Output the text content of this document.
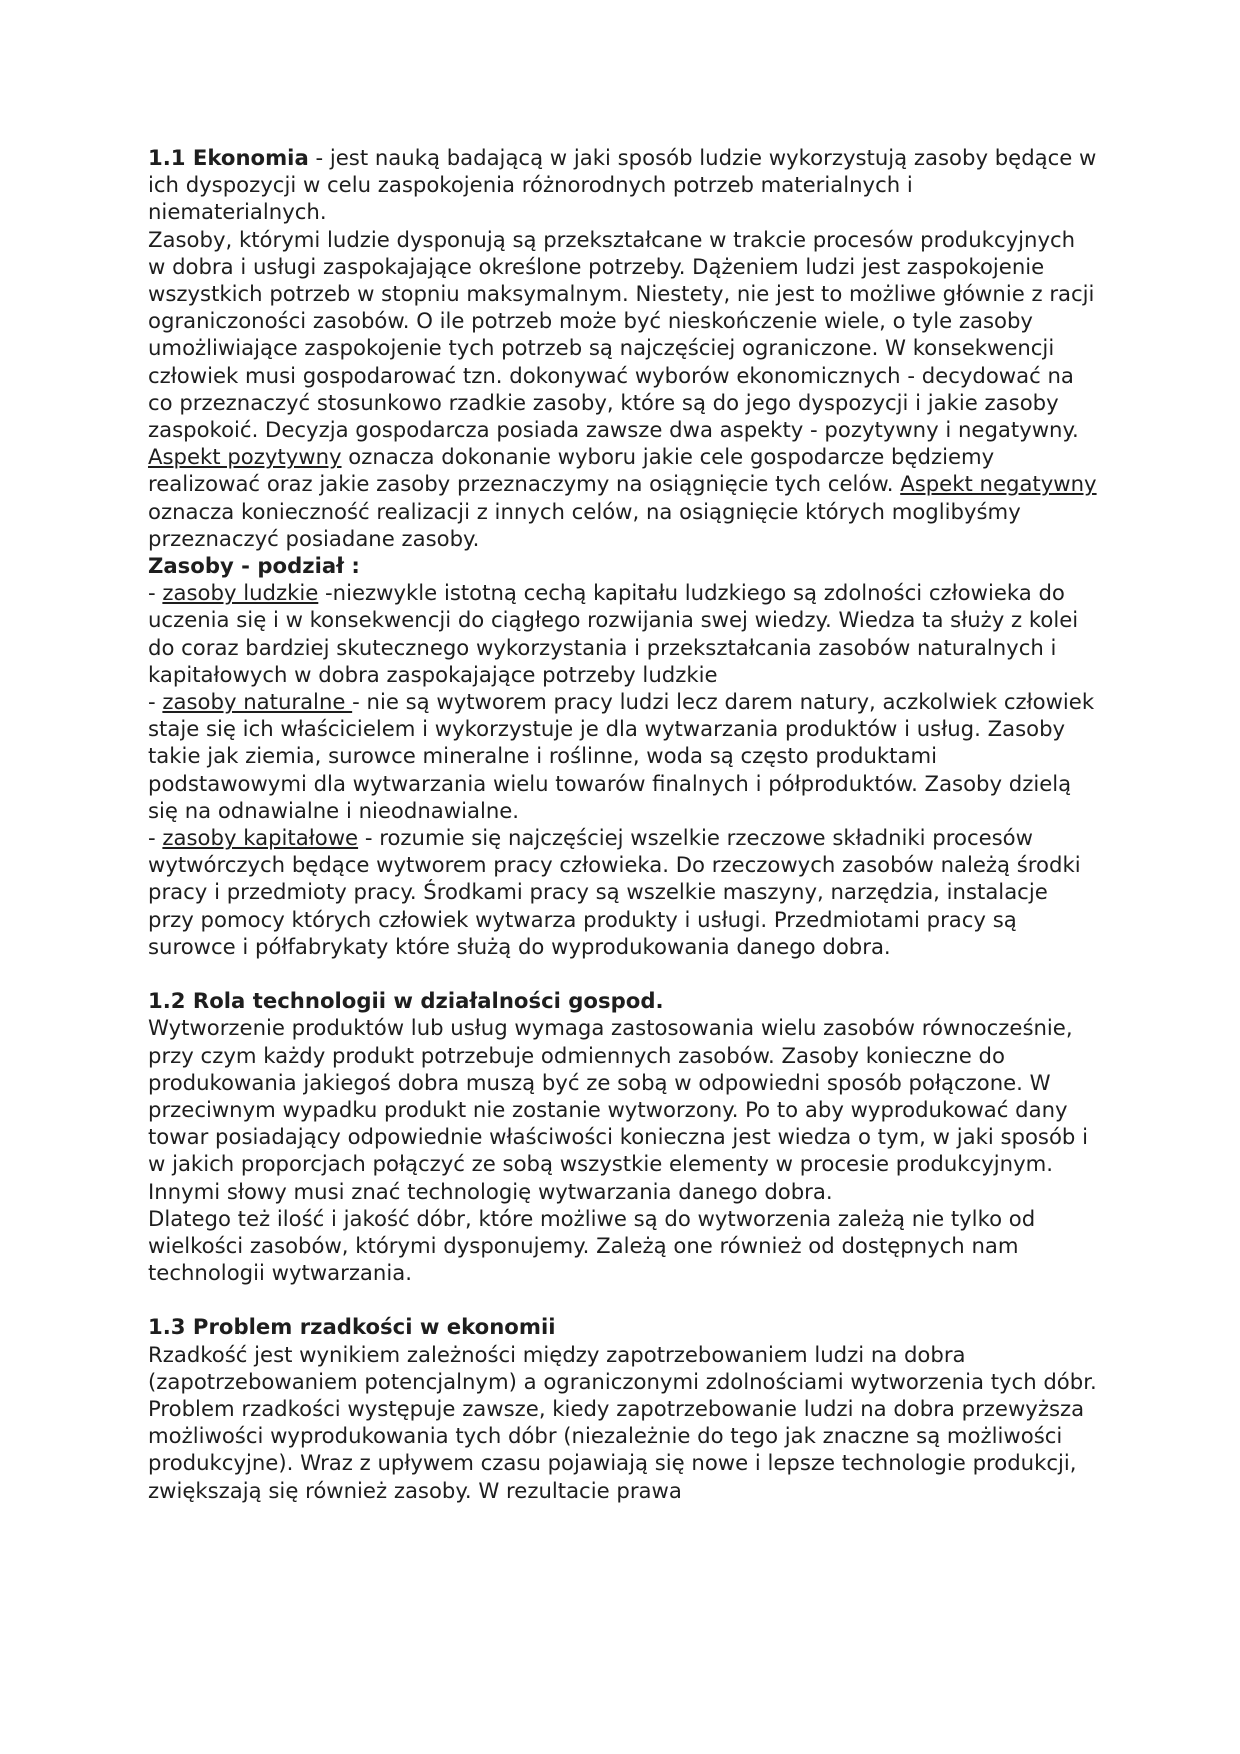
1.1 Ekonomia - jest nauką badającą w jaki sposób ludzie wykorzystują zasoby będące w ich dyspozycji w celu zaspokojenia różnorodnych potrzeb materialnych i niematerialnych.

Zasoby, którymi ludzie dysponują są przekształcane w trakcie procesów produkcyjnych w dobra i usługi zaspokajające określone potrzeby. Dążeniem ludzi jest zaspokojenie wszystkich potrzeb w stopniu maksymalnym. Niestety, nie jest to możliwe głównie z racji ograniczoności zasobów. O ile potrzeb może być nieskończenie wiele, o tyle zasoby umożliwiające zaspokojenie tych potrzeb są najczęściej ograniczone. W konsekwencji człowiek musi gospodarować tzn. dokonywać wyborów ekonomicznych - decydować na co przeznaczyć stosunkowo rzadkie zasoby, które są do jego dyspozycji i jakie zasoby zaspokoić. Decyzja gospodarcza posiada zawsze dwa aspekty - pozytywny i negatywny. Aspekt pozytywny oznacza dokonanie wyboru jakie cele gospodarcze będziemy realizować oraz jakie zasoby przeznaczymy na osiągnięcie tych celów. Aspekt negatywny oznacza konieczność realizacji z innych celów, na osiągnięcie których moglibyśmy przeznaczyć posiadane zasoby.

Zasoby - podział :

- zasoby ludzkie -niezwykle istotną cechą kapitału ludzkiego są zdolności człowieka do uczenia się i w konsekwencji do ciągłego rozwijania swej wiedzy. Wiedza ta służy z kolei do coraz bardziej skutecznego wykorzystania i przekształcania zasobów naturalnych i kapitałowych w dobra zaspokajające potrzeby ludzkie

- zasoby naturalne - nie są wytworem pracy ludzi lecz darem natury, aczkolwiek człowiek staje się ich właścicielem i wykorzystuje je dla wytwarzania produktów i usług. Zasoby takie jak ziemia, surowce mineralne i roślinne, woda są często produktami podstawowymi dla wytwarzania wielu towarów finalnych i półproduktów. Zasoby dzielą się na odnawialne i nieodnawialne.

- zasoby kapitałowe - rozumie się najczęściej wszelkie rzeczowe składniki procesów wytwórczych będące wytworem pracy człowieka. Do rzeczowych zasobów należą środki pracy i przedmioty pracy. Środkami pracy są wszelkie maszyny, narzędzia, instalacje przy pomocy których człowiek wytwarza produkty i usługi. Przedmiotami pracy są surowce i półfabrykaty które służą do wyprodukowania danego dobra.

1.2 Rola technologii w działalności gospod.

Wytworzenie produktów lub usług wymaga zastosowania wielu zasobów równocześnie, przy czym każdy produkt potrzebuje odmiennych zasobów. Zasoby konieczne do produkowania jakiegoś dobra muszą być ze sobą w odpowiedni sposób połączone. W przeciwnym wypadku produkt nie zostanie wytworzony. Po to aby wyprodukować dany towar posiadający odpowiednie właściwości konieczna jest wiedza o tym, w jaki sposób i w jakich proporcjach połączyć ze sobą wszystkie elementy w procesie produkcyjnym. Innymi słowy musi znać technologię wytwarzania danego dobra.

Dlatego też ilość i jakość dóbr, które możliwe są do wytworzenia zależą nie tylko od wielkości zasobów, którymi dysponujemy. Zależą one również od dostępnych nam technologii wytwarzania.

1.3 Problem rzadkości w ekonomii

Rzadkość jest wynikiem zależności między zapotrzebowaniem ludzi na dobra (zapotrzebowaniem potencjalnym) a ograniczonymi zdolnościami wytworzenia tych dóbr. Problem rzadkości występuje zawsze, kiedy zapotrzebowanie ludzi na dobra przewyższa możliwości wyprodukowania tych dóbr (niezależnie do tego jak znaczne są możliwości produkcyjne). Wraz z upływem czasu pojawiają się nowe i lepsze technologie produkcji, zwiększają się również zasoby. W rezultacie prawa
